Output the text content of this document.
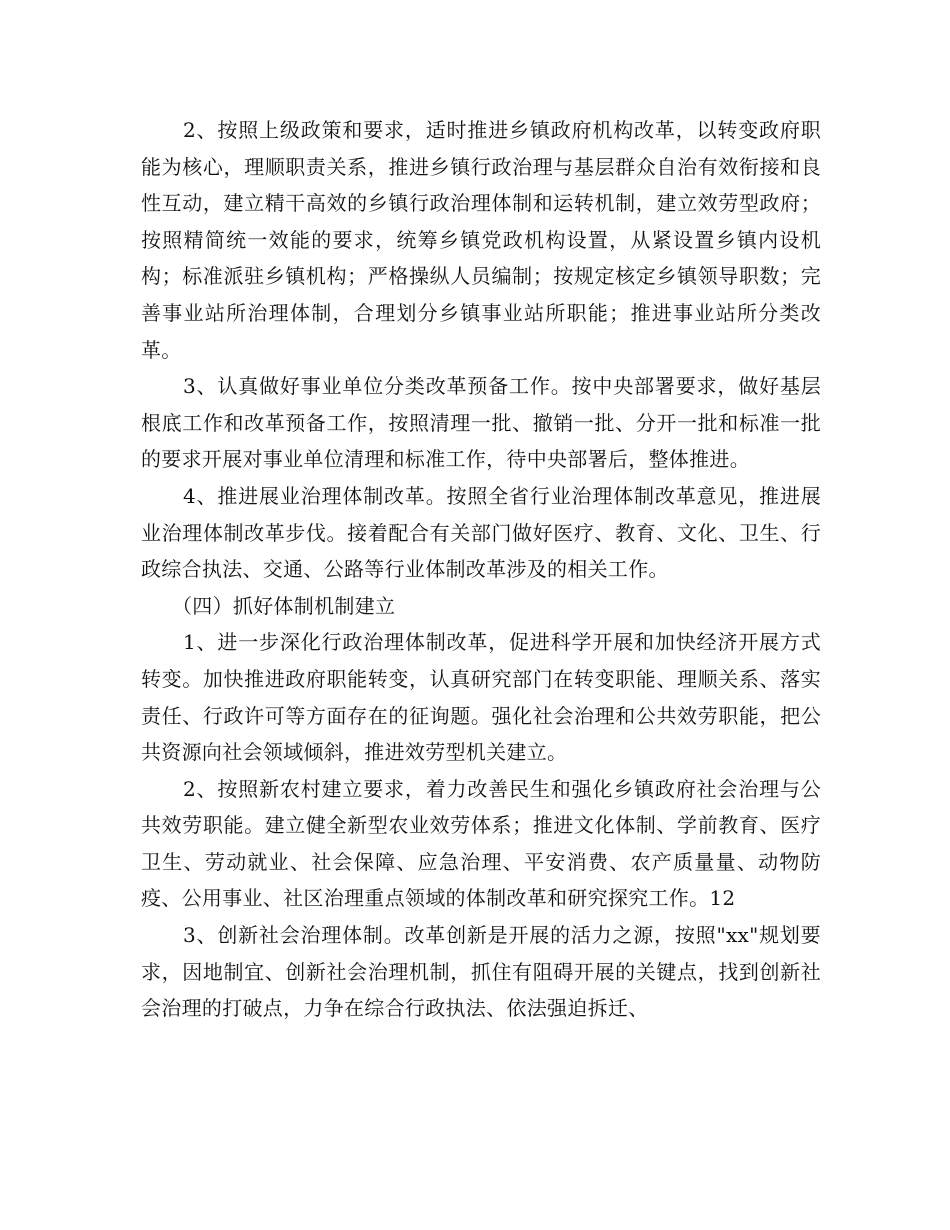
2、按照上级政策和要求，适时推进乡镇政府机构改革，以转变政府职能为核心，理顺职责关系，推进乡镇行政治理与基层群众自治有效衔接和良性互动，建立精干高效的乡镇行政治理体制和运转机制，建立效劳型政府；按照精简统一效能的要求，统筹乡镇党政机构设置，从紧设置乡镇内设机构；标准派驻乡镇机构；严格操纵人员编制；按规定核定乡镇领导职数；完善事业站所治理体制，合理划分乡镇事业站所职能；推进事业站所分类改革。

3、认真做好事业单位分类改革预备工作。按中央部署要求，做好基层根底工作和改革预备工作，按照清理一批、撤销一批、分开一批和标准一批的要求开展对事业单位清理和标准工作，待中央部署后，整体推进。

4、推进展业治理体制改革。按照全省行业治理体制改革意见，推进展业治理体制改革步伐。接着配合有关部门做好医疗、教育、文化、卫生、行政综合执法、交通、公路等行业体制改革涉及的相关工作。

（四）抓好体制机制建立

1、进一步深化行政治理体制改革，促进科学开展和加快经济开展方式转变。加快推进政府职能转变，认真研究部门在转变职能、理顺关系、落实责任、行政许可等方面存在的征询题。强化社会治理和公共效劳职能，把公共资源向社会领域倾斜，推进效劳型机关建立。

2、按照新农村建立要求，着力改善民生和强化乡镇政府社会治理与公共效劳职能。建立健全新型农业效劳体系；推进文化体制、学前教育、医疗卫生、劳动就业、社会保障、应急治理、平安消费、农产质量量、动物防疫、公用事业、社区治理重点领域的体制改革和研究探究工作。12

3、创新社会治理体制。改革创新是开展的活力之源，按照"xx"规划要求，因地制宜、创新社会治理机制，抓住有阻碍开展的关键点，找到创新社会治理的打破点，力争在综合行政执法、依法强迫拆迁、
